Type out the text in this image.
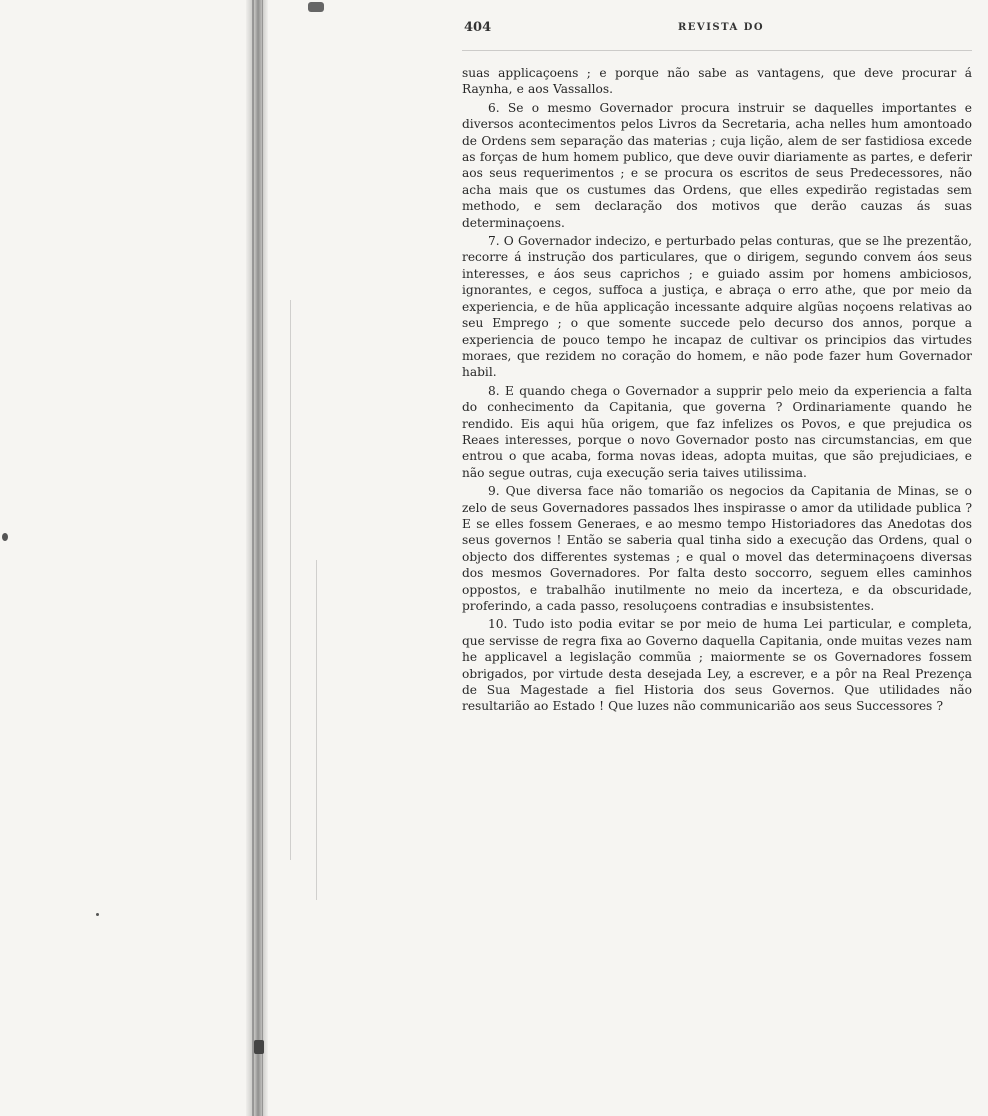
404	REVISTA DO

suas applicaçoens ; e porque não sabe as vantagens, que deve procurar á Raynha, e aos Vassallos.

6. Se o mesmo Governador procura instruir se daquelles importantes e diversos acontecimentos pelos Livros da Secretaria, acha nelles hum amontoado de Ordens sem separação das materias ; cuja lição, alem de ser fastidiosa excede as forças de hum homem publico, que deve ouvir diariamente as partes, e deferir aos seus requerimentos ; e se procura os escritos de seus Predecessores, não acha mais que os custumes das Ordens, que elles expedirão registadas sem methodo, e sem declaração dos motivos que derão cauzas ás suas determinaçoens.

7. O Governador indecizo, e perturbado pelas conturas, que se lhe prezentão, recorre á instrução dos particulares, que o dirigem, segundo convem áos seus interesses, e áos seus caprichos ; e guiado assim por homens ambiciosos, ignorantes, e cegos, suffoca a justiça, e abraça o erro athe, que por meio da experiencia, e de hũa applicação incessante adquire algũas noçoens relativas ao seu Emprego ; o que somente succede pelo decurso dos annos, porque a experiencia de pouco tempo he incapaz de cultivar os principios das virtudes moraes, que rezidem no coração do homem, e não pode fazer hum Governador habil.

8. E quando chega o Governador a supprir pelo meio da experiencia a falta do conhecimento da Capitania, que governa ? Ordinariamente quando he rendido. Eis aqui hũa origem, que faz infelizes os Povos, e que prejudica os Reaes interesses, porque o novo Governador posto nas circumstancias, em que entrou o que acaba, forma novas ideas, adopta muitas, que são prejudiciaes, e não segue outras, cuja execução seria taives utilissima.

9. Que diversa face não tomarião os negocios da Capitania de Minas, se o zelo de seus Governadores passados lhes inspirasse o amor da utilidade publica ? E se elles fossem Generaes, e ao mesmo tempo Historiadores das Anedotas dos seus governos ! Então se saberia qual tinha sido a execução das Ordens, qual o objecto dos differentes systemas ; e qual o movel das determinaçoens diversas dos mesmos Governadores. Por falta desto soccorro, seguem elles caminhos oppostos, e trabalhão inutilmente no meio da incerteza, e da obscuridade, proferindo, a cada passo, resoluçoens contradias e insubsistentes.

10. Tudo isto podia evitar se por meio de huma Lei particular, e completa, que servisse de regra fixa ao Governo daquella Capitania, onde muitas vezes nam he applicavel a legislação commũa ; maiormente se os Governadores fossem obrigados, por virtude desta desejada Ley, a escrever, e a pôr na Real Prezença de Sua Magestade a fiel Historia dos seus Governos. Que utilidades não resultarião ao Estado ! Que luzes não communicarião aos seus Successores ?
